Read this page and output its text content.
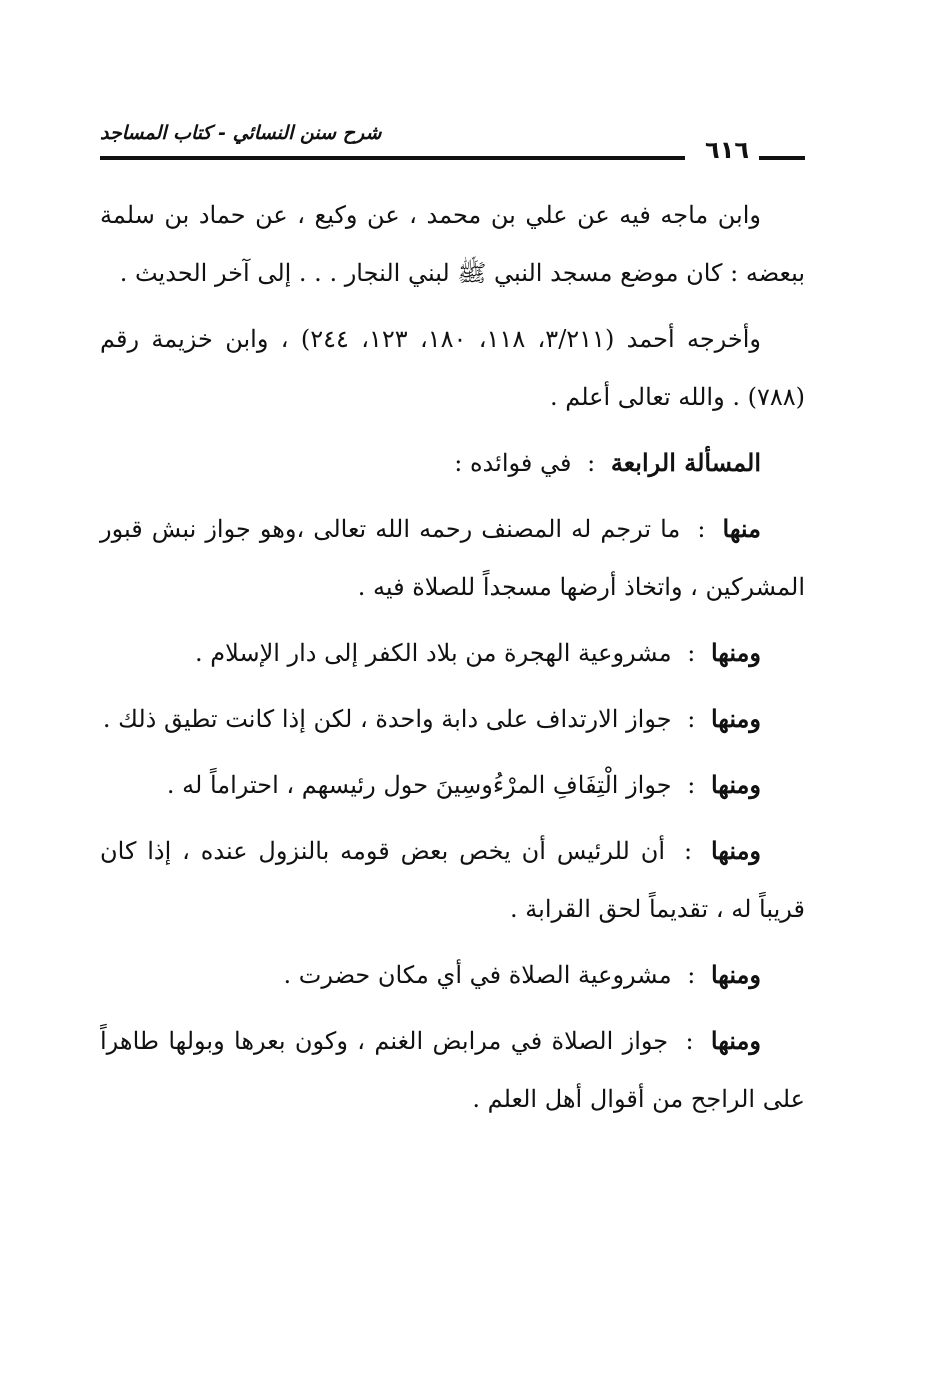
شرح سنن النسائي - كتاب المساجد
٦١٦

وابن ماجه فيه عن علي بن محمد ، عن وكيع ، عن حماد بن سلمة ببعضه : كان موضع مسجد النبي ﷺ لبني النجار . . . إلى آخر الحديث .

وأخرجه أحمد (٣/٢١١، ١١٨، ١٨٠، ١٢٣، ٢٤٤) ، وابن خزيمة رقم (٧٨٨) . والله تعالى أعلم .

المسألة الرابعة : في فوائده :

منها : ما ترجم له المصنف رحمه الله تعالى ،وهو جواز نبش قبور المشركين ، واتخاذ أرضها مسجداً للصلاة فيه .

ومنها : مشروعية الهجرة من بلاد الكفر إلى دار الإسلام .

ومنها : جواز الارتداف على دابة واحدة ، لكن إذا كانت تطيق ذلك .

ومنها : جواز الْتِفَافِ المرْءُوسِينَ حول رئيسهم ، احتراماً له .

ومنها : أن للرئيس أن يخص بعض قومه بالنزول عنده ، إذا كان قريباً له ، تقديماً لحق القرابة .

ومنها : مشروعية الصلاة في أي مكان حضرت .

ومنها : جواز الصلاة في مرابض الغنم ، وكون بعرها وبولها طاهراً على الراجح من أقوال أهل العلم .
